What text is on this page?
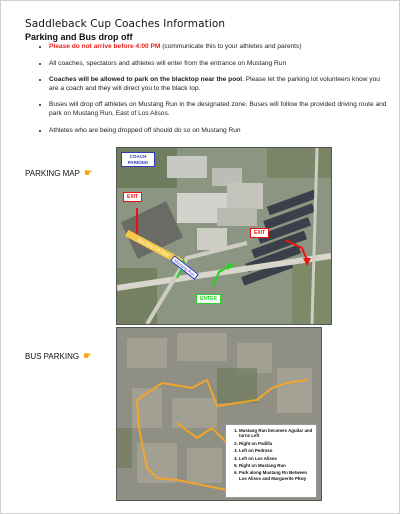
Saddleback Cup Coaches Information
Parking and Bus drop off
• Please do not arrive before 4:00 PM (communicate this to your athletes and parents)
• All coaches, spectators and athletes will enter from the entrance on Mustang Run
• Coaches will be allowed to park on the blacktop near the pool. Please let the parking lot volunteers know you are a coach and they will direct you to the black top.
• Buses will drop off athletes on Mustang Run in the designated zone. Buses will follow the provided driving route and park on Mustang Run, East of Los Alisos.
• Athletes who are being dropped off should do so on Mustang Run
PARKING MAP ☛
COACH PARKING
EXIT
EXIT
Bus Drop Off Zone
Mustang Run
ENTER
BUS PARKING ☛
1. Mustang Run becomes Aguilar and turns Left
2. Right on Padilla
3. Left on Pedroso
4. Left on Los Alisos
5. Right on Mustang Run
6. Park along Mustang Rn Between Los Alisos and Marguerite Pkwy
